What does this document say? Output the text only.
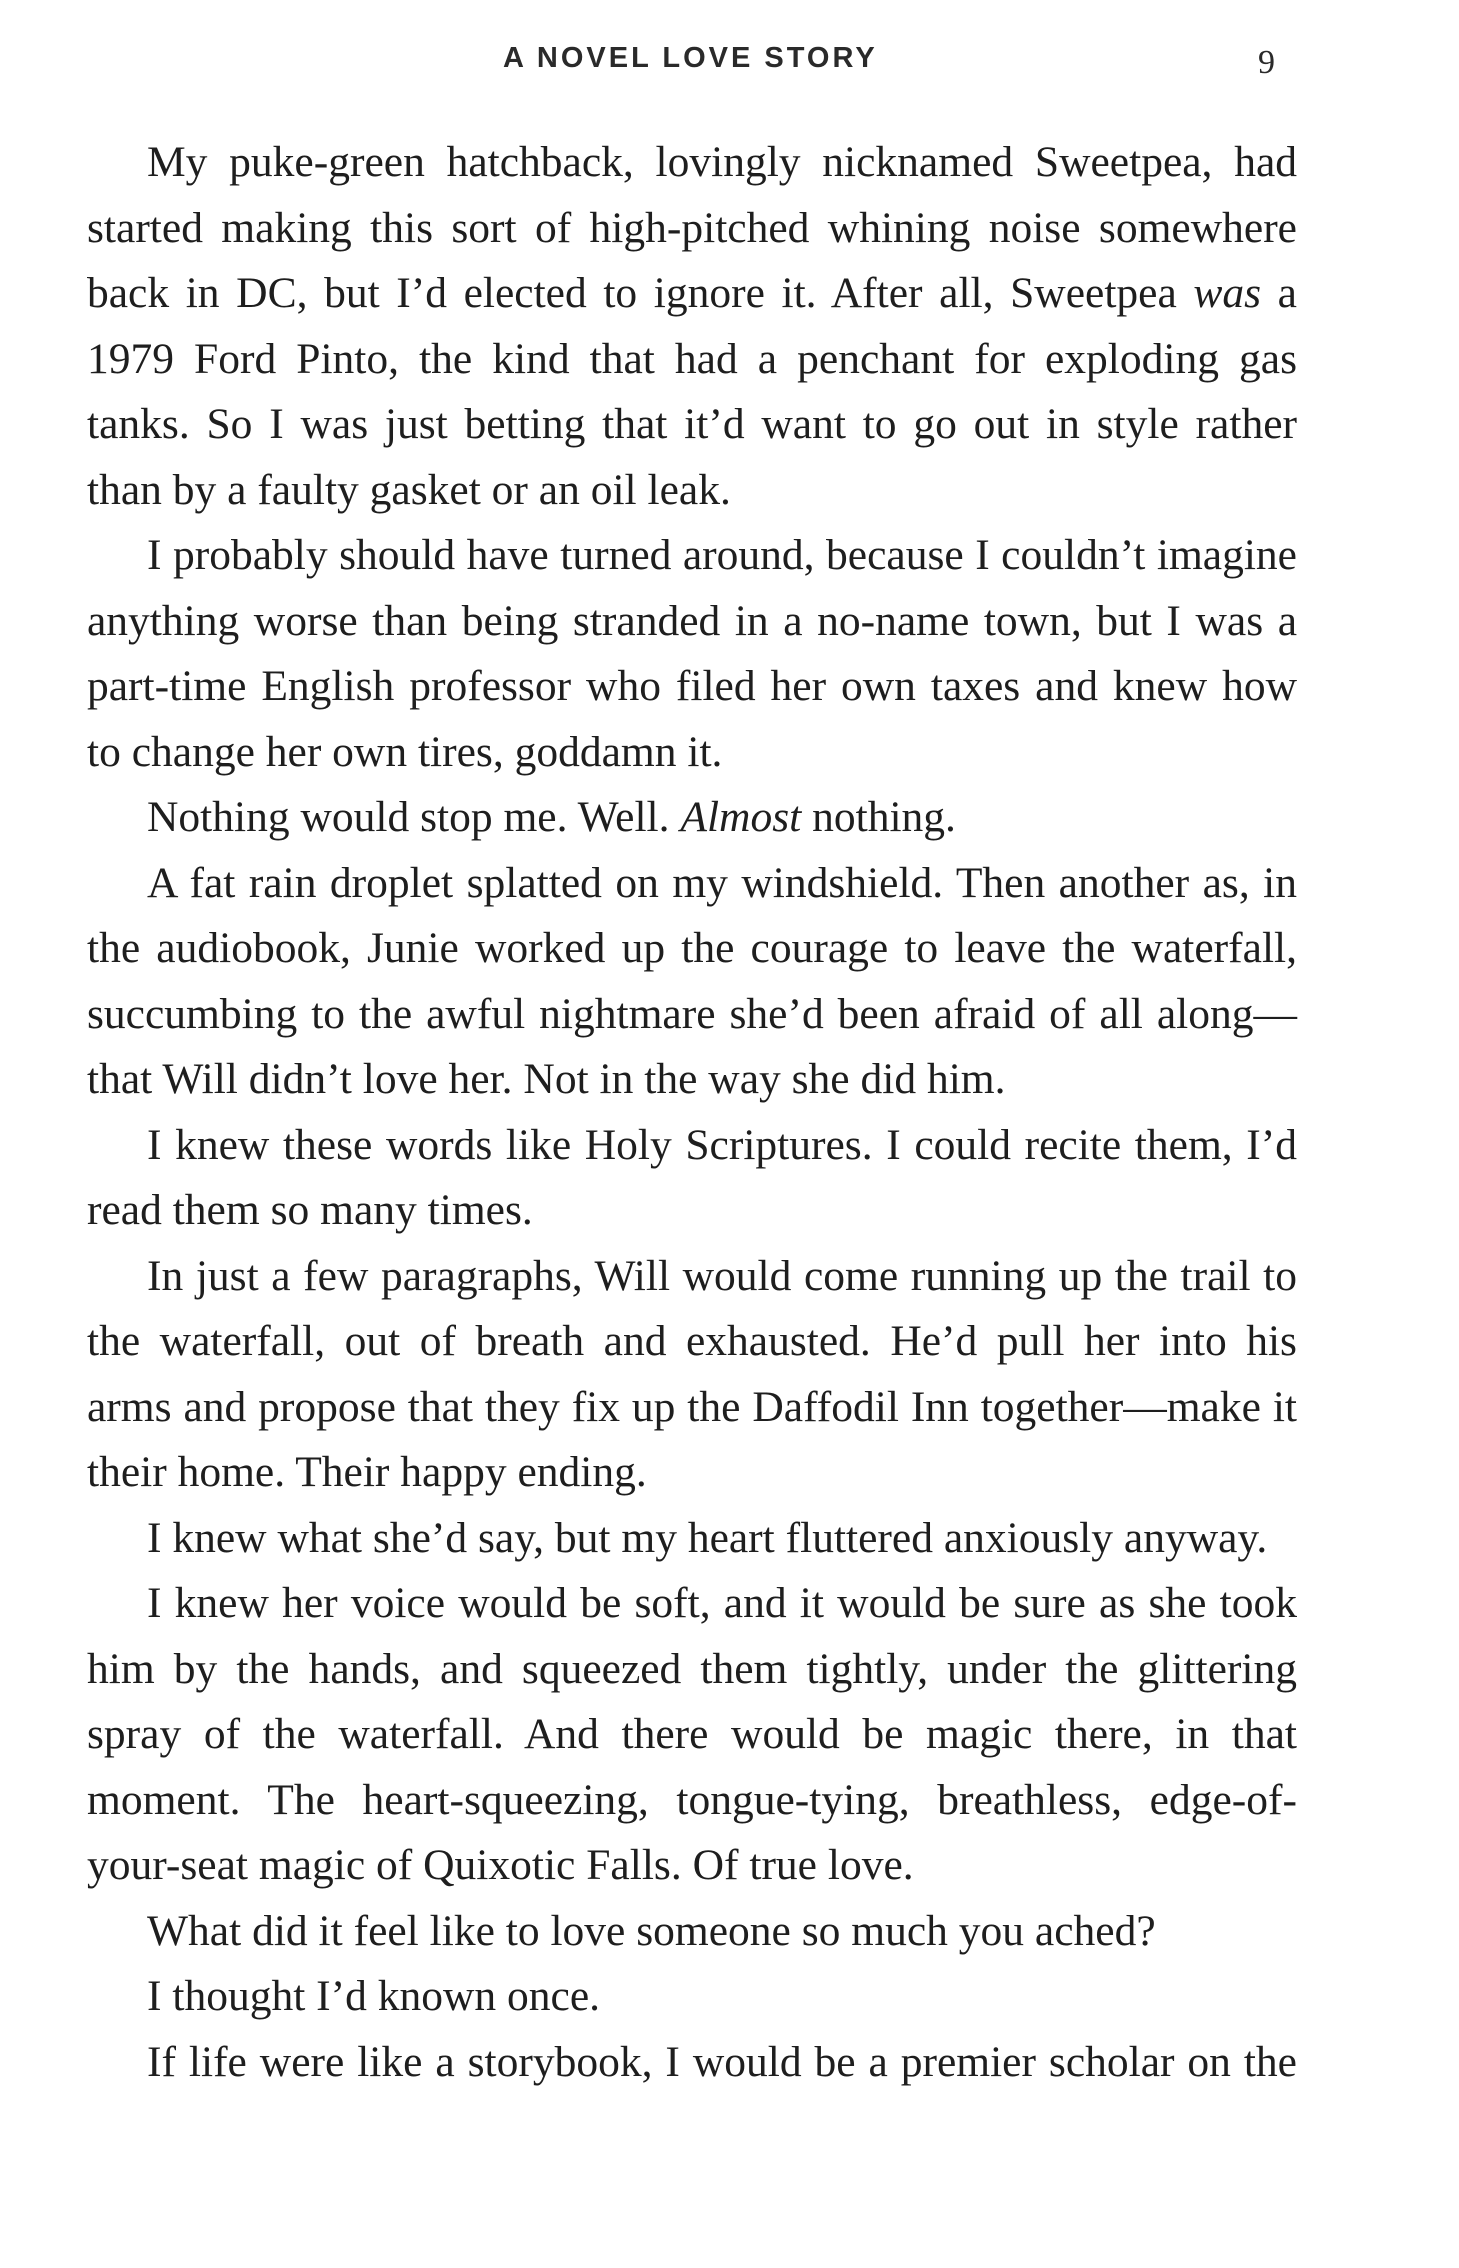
A NOVEL LOVE STORY	9

My puke-green hatchback, lovingly nicknamed Sweetpea, had started making this sort of high-pitched whining noise somewhere back in DC, but I’d elected to ignore it. After all, Sweetpea was a 1979 Ford Pinto, the kind that had a penchant for exploding gas tanks. So I was just betting that it’d want to go out in style rather than by a faulty gasket or an oil leak.

I probably should have turned around, because I couldn’t imagine anything worse than being stranded in a no-name town, but I was a part-time English professor who filed her own taxes and knew how to change her own tires, goddamn it.

Nothing would stop me. Well. Almost nothing.

A fat rain droplet splatted on my windshield. Then another as, in the audiobook, Junie worked up the courage to leave the waterfall, succumbing to the awful nightmare she’d been afraid of all along—that Will didn’t love her. Not in the way she did him.

I knew these words like Holy Scriptures. I could recite them, I’d read them so many times.

In just a few paragraphs, Will would come running up the trail to the waterfall, out of breath and exhausted. He’d pull her into his arms and propose that they fix up the Daffodil Inn together—make it their home. Their happy ending.

I knew what she’d say, but my heart fluttered anxiously anyway.

I knew her voice would be soft, and it would be sure as she took him by the hands, and squeezed them tightly, under the glittering spray of the waterfall. And there would be magic there, in that moment. The heart-squeezing, tongue-tying, breathless, edge-of-your-seat magic of Quixotic Falls. Of true love.

What did it feel like to love someone so much you ached?

I thought I’d known once.

If life were like a storybook, I would be a premier scholar on the
